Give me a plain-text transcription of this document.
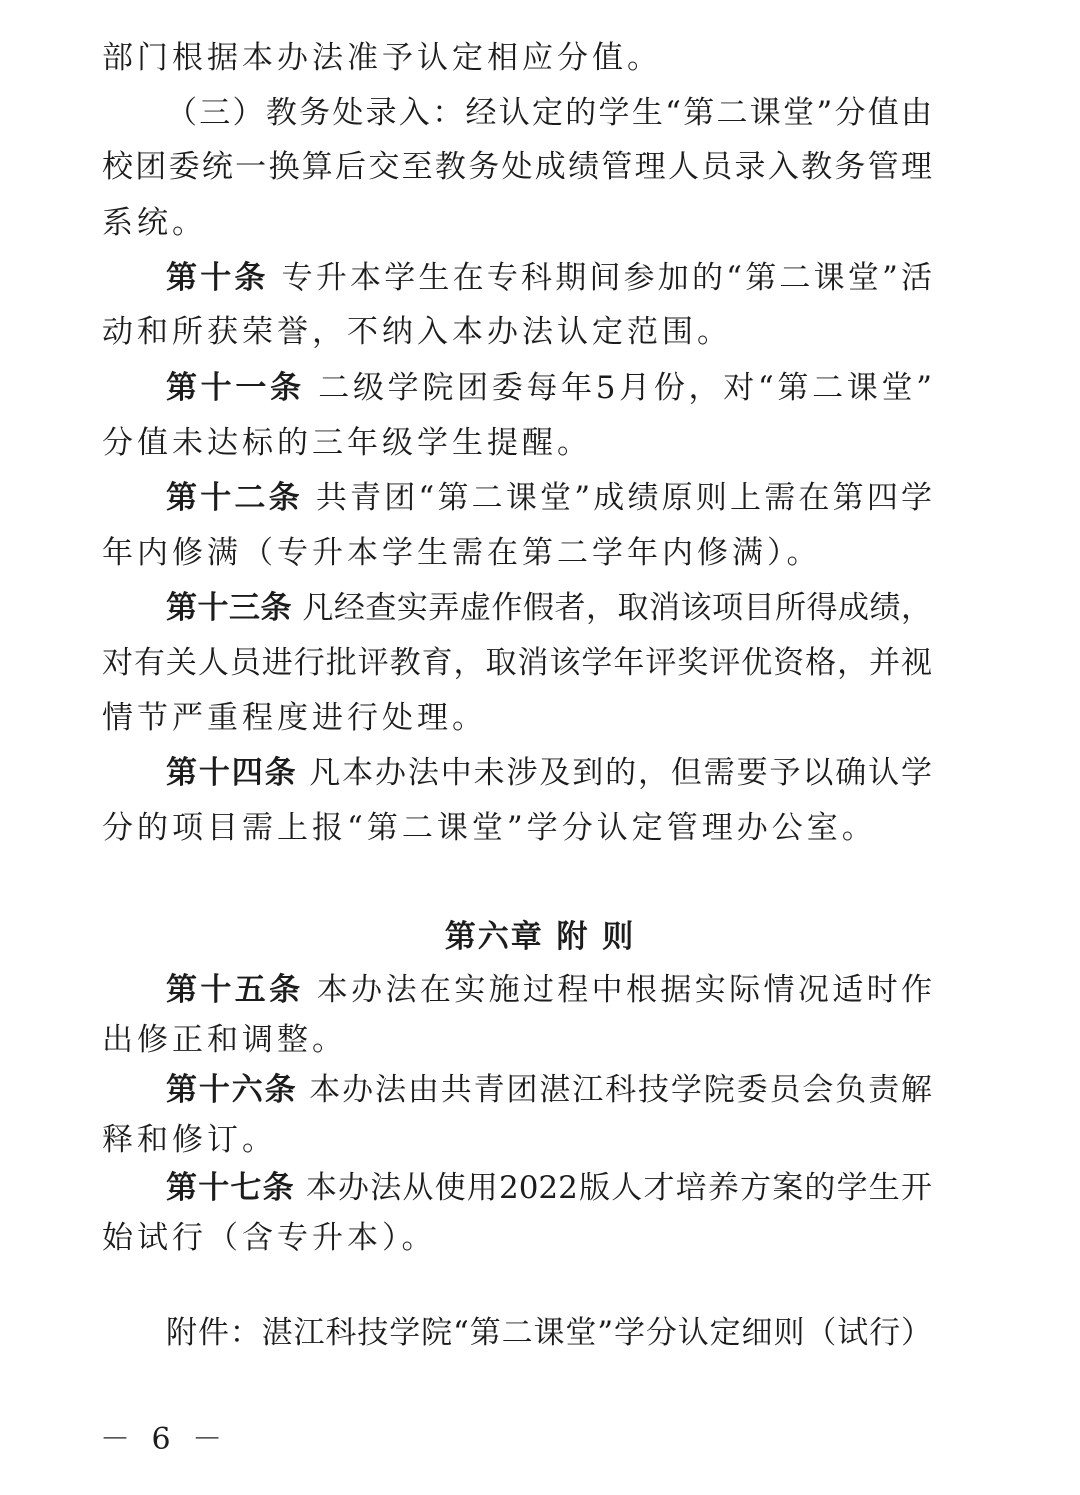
部门根据本办法准予认定相应分值。
（三）教务处录入：经认定的学生“第二课堂”分值由
校团委统一换算后交至教务处成绩管理人员录入教务管理
系统。
第十条 专升本学生在专科期间参加的“第二课堂”活
动和所获荣誉，不纳入本办法认定范围。
第十一条 二级学院团委每年5月份，对“第二课堂”
分值未达标的三年级学生提醒。
第十二条 共青团“第二课堂”成绩原则上需在第四学
年内修满（专升本学生需在第二学年内修满）。
第十三条 凡经查实弄虚作假者，取消该项目所得成绩，
对有关人员进行批评教育，取消该学年评奖评优资格，并视
情节严重程度进行处理。
第十四条 凡本办法中未涉及到的，但需要予以确认学
分的项目需上报“第二课堂”学分认定管理办公室。
第六章 附 则
第十五条 本办法在实施过程中根据实际情况适时作
出修正和调整。
第十六条 本办法由共青团湛江科技学院委员会负责解
释和修订。
第十七条 本办法从使用2022版人才培养方案的学生开
始试行（含专升本）。
附件：湛江科技学院“第二课堂”学分认定细则（试行）
－ 6 －
